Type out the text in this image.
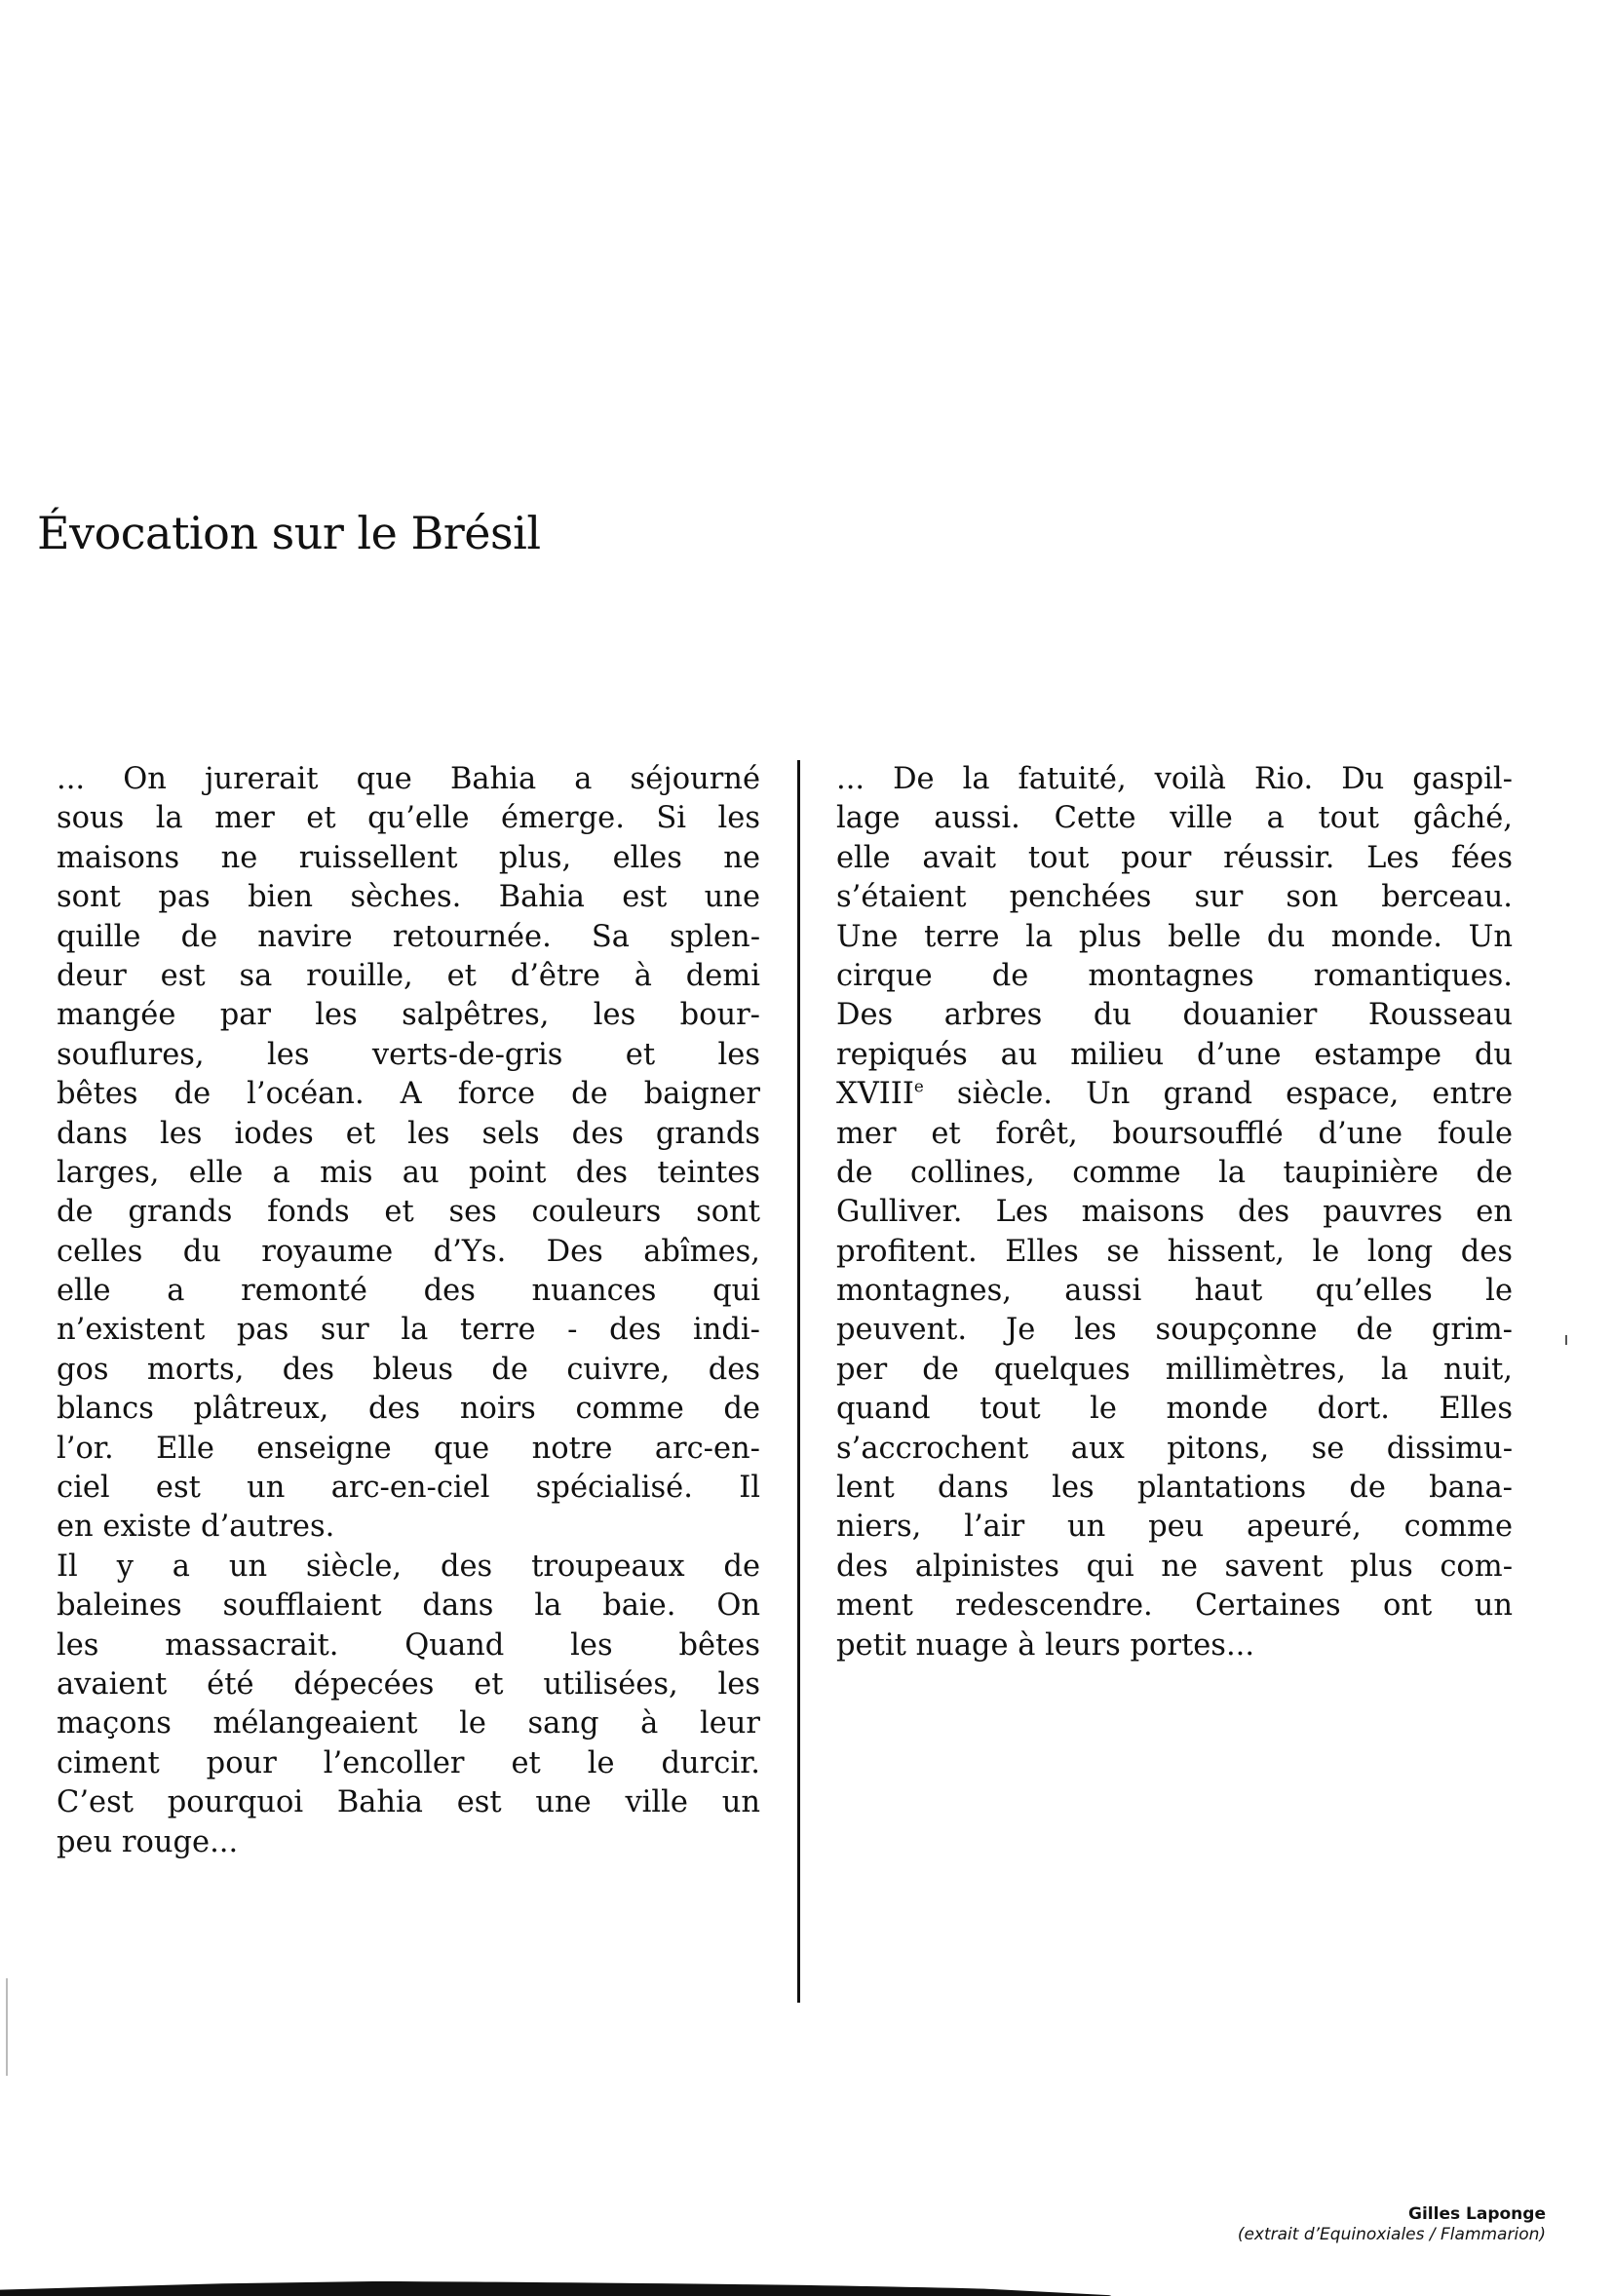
Évocation sur le Brésil
... On jurerait que Bahia a séjourné
sous la mer et qu’elle émerge. Si les
maisons ne ruissellent plus, elles ne
sont pas bien sèches. Bahia est une
quille de navire retournée. Sa splen-
deur est sa rouille, et d’être à demi
mangée par les salpêtres, les bour-
souflures, les verts-de-gris et les
bêtes de l’océan. A force de baigner
dans les iodes et les sels des grands
larges, elle a mis au point des teintes
de grands fonds et ses couleurs sont
celles du royaume d’Ys. Des abîmes,
elle a remonté des nuances qui
n’existent pas sur la terre - des indi-
gos morts, des bleus de cuivre, des
blancs plâtreux, des noirs comme de
l’or. Elle enseigne que notre arc-en-
ciel est un arc-en-ciel spécialisé. Il
en existe d’autres.
Il y a un siècle, des troupeaux de
baleines soufflaient dans la baie. On
les massacrait. Quand les bêtes
avaient été dépecées et utilisées, les
maçons mélangeaient le sang à leur
ciment pour l’encoller et le durcir.
C’est pourquoi Bahia est une ville un
peu rouge...
... De la fatuité, voilà Rio. Du gaspil-
lage aussi. Cette ville a tout gâché,
elle avait tout pour réussir. Les fées
s’étaient penchées sur son berceau.
Une terre la plus belle du monde. Un
cirque de montagnes romantiques.
Des arbres du douanier Rousseau
repiqués au milieu d’une estampe du
XVIIIe siècle. Un grand espace, entre
mer et forêt, boursoufflé d’une foule
de collines, comme la taupinière de
Gulliver. Les maisons des pauvres en
profitent. Elles se hissent, le long des
montagnes, aussi haut qu’elles le
peuvent. Je les soupçonne de grim-
per de quelques millimètres, la nuit,
quand tout le monde dort. Elles
s’accrochent aux pitons, se dissimu-
lent dans les plantations de bana-
niers, l’air un peu apeuré, comme
des alpinistes qui ne savent plus com-
ment redescendre. Certaines ont un
petit nuage à leurs portes...
Gilles Laponge
(extrait d’Equinoxiales / Flammarion)
